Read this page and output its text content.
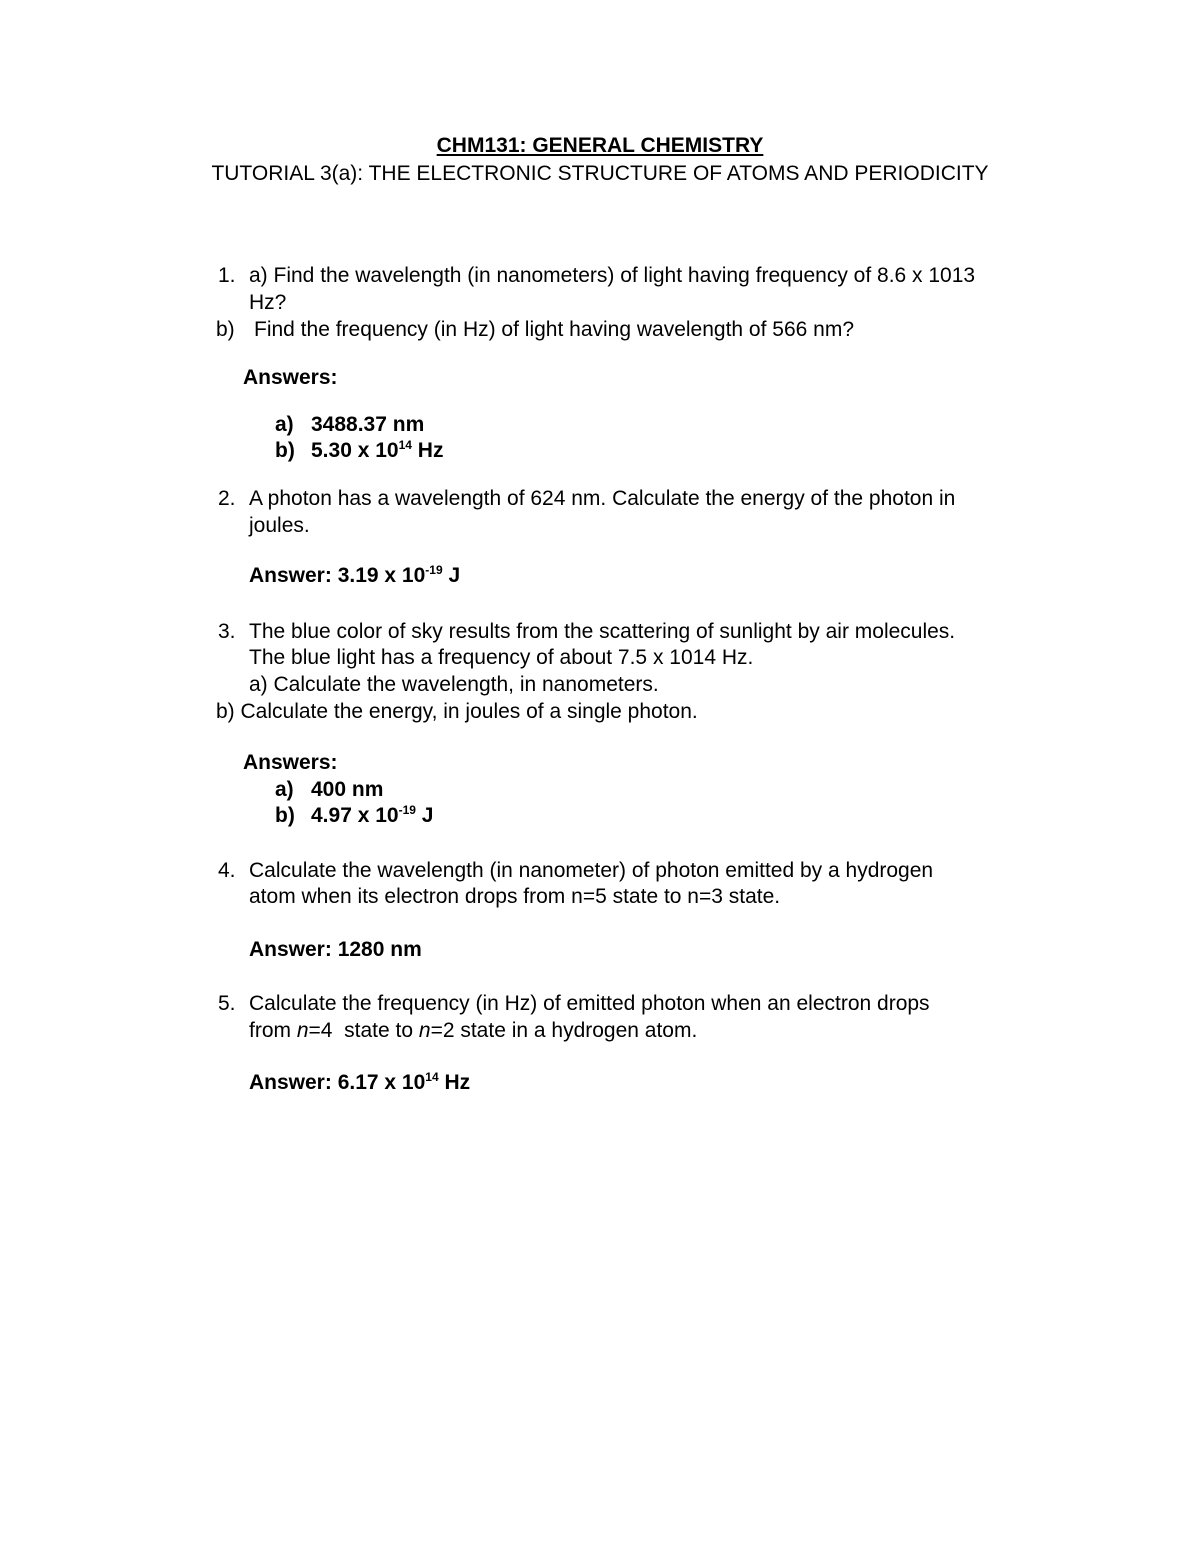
CHM131: GENERAL CHEMISTRY
TUTORIAL 3(a): THE ELECTRONIC STRUCTURE OF ATOMS AND PERIODICITY
1. a) Find the wavelength (in nanometers) of light having frequency of 8.6 x 1013
Hz?
b) Find the frequency (in Hz) of light having wavelength of 566 nm?
Answers:
a) 3488.37 nm
b) 5.30 x $10^{14}$ Hz
2. A photon has a wavelength of 624 nm. Calculate the energy of the photon in
joules.
Answer: 3.19 x $10^{-19}$ J
3. The blue color of sky results from the scattering of sunlight by air molecules.
The blue light has a frequency of about 7.5 x 1014 Hz.
a) Calculate the wavelength, in nanometers.
b) Calculate the energy, in joules of a single photon.
Answers:
a) 400 nm
b) 4.97 x $10^{-19}$ J
4. Calculate the wavelength (in nanometer) of photon emitted by a hydrogen
atom when its electron drops from n=5 state to n=3 state.
Answer: 1280 nm
5. Calculate the frequency (in Hz) of emitted photon when an electron drops
from n=4  state to n=2 state in a hydrogen atom.
Answer: 6.17 x $10^{14}$ Hz
